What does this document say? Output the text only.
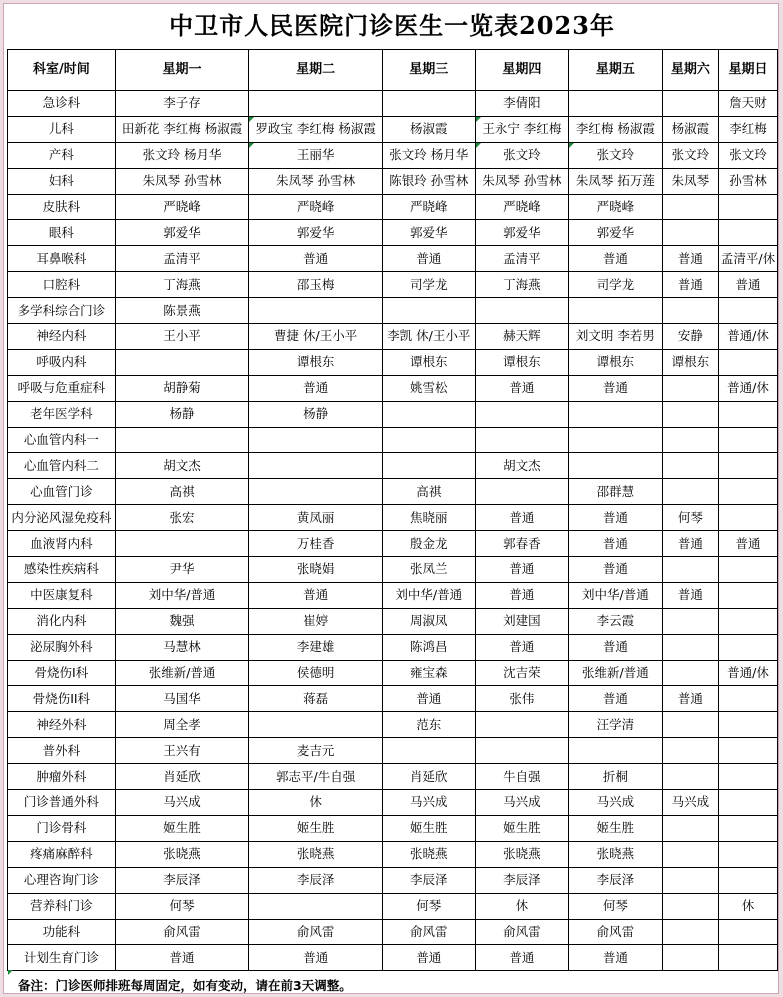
中卫市人民医院门诊医生一览表2023年
科室/时间	星期一	星期二	星期三	星期四	星期五	星期六	星期日
急诊科	李子存			李倩阳			詹天财
儿科	田新花 李红梅 杨淑霞	罗政宝 李红梅 杨淑霞	杨淑霞	王永宁 李红梅	李红梅 杨淑霞	杨淑霞	李红梅
产科	张文玲 杨月华	王丽华	张文玲 杨月华	张文玲	张文玲	张文玲	张文玲
妇科	朱凤琴 孙雪林	朱凤琴 孙雪林	陈银玲 孙雪林	朱凤琴 孙雪林	朱凤琴 拓万莲	朱凤琴	孙雪林
皮肤科	严晓峰	严晓峰	严晓峰	严晓峰	严晓峰		
眼科	郭爱华	郭爱华	郭爱华	郭爱华	郭爱华		
耳鼻喉科	孟清平	普通	普通	孟清平	普通	普通	孟清平/休
口腔科	丁海燕	邵玉梅	司学龙	丁海燕	司学龙	普通	普通
多学科综合门诊	陈景燕						
神经内科	王小平	曹捷 休/王小平	李凯 休/王小平	赫天辉	刘文明 李若男	安静	普通/休
呼吸内科		谭根东	谭根东	谭根东	谭根东	谭根东	
呼吸与危重症科	胡静菊	普通	姚雪松	普通	普通		普通/休
老年医学科	杨静	杨静					
心血管内科一							
心血管内科二	胡文杰			胡文杰			
心血管门诊	高祺		高祺		邵群慧		
内分泌风湿免疫科	张宏	黄凤丽	焦晓丽	普通	普通	何琴	
血液肾内科		万桂香	殷金龙	郭春香	普通	普通	普通
感染性疾病科	尹华	张晓娟	张凤兰	普通	普通		
中医康复科	刘中华/普通	普通	刘中华/普通	普通	刘中华/普通	普通	
消化内科	魏强	崔婷	周淑凤	刘建国	李云霞		
泌尿胸外科	马慧林	李建雄	陈鸿昌	普通	普通		
骨烧伤I科	张维新/普通	侯德明	雍宝森	沈吉荣	张维新/普通		普通/休
骨烧伤II科	马国华	蒋磊	普通	张伟	普通	普通	
神经外科	周全孝		范东		汪学清		
普外科	王兴有	麦吉元					
肿瘤外科	肖延欣	郭志平/牛自强	肖延欣	牛自强	折桐		
门诊普通外科	马兴成	休	马兴成	马兴成	马兴成	马兴成	
门诊骨科	姬生胜	姬生胜	姬生胜	姬生胜	姬生胜		
疼痛麻醉科	张晓燕	张晓燕	张晓燕	张晓燕	张晓燕		
心理咨询门诊	李辰泽	李辰泽	李辰泽	李辰泽	李辰泽		
营养科门诊	何琴		何琴	休	何琴		休
功能科	俞风雷	俞风雷	俞风雷	俞风雷	俞风雷		
计划生育门诊	普通	普通	普通	普通	普通		
备注：门诊医师排班每周固定，如有变动，请在前3天调整。
